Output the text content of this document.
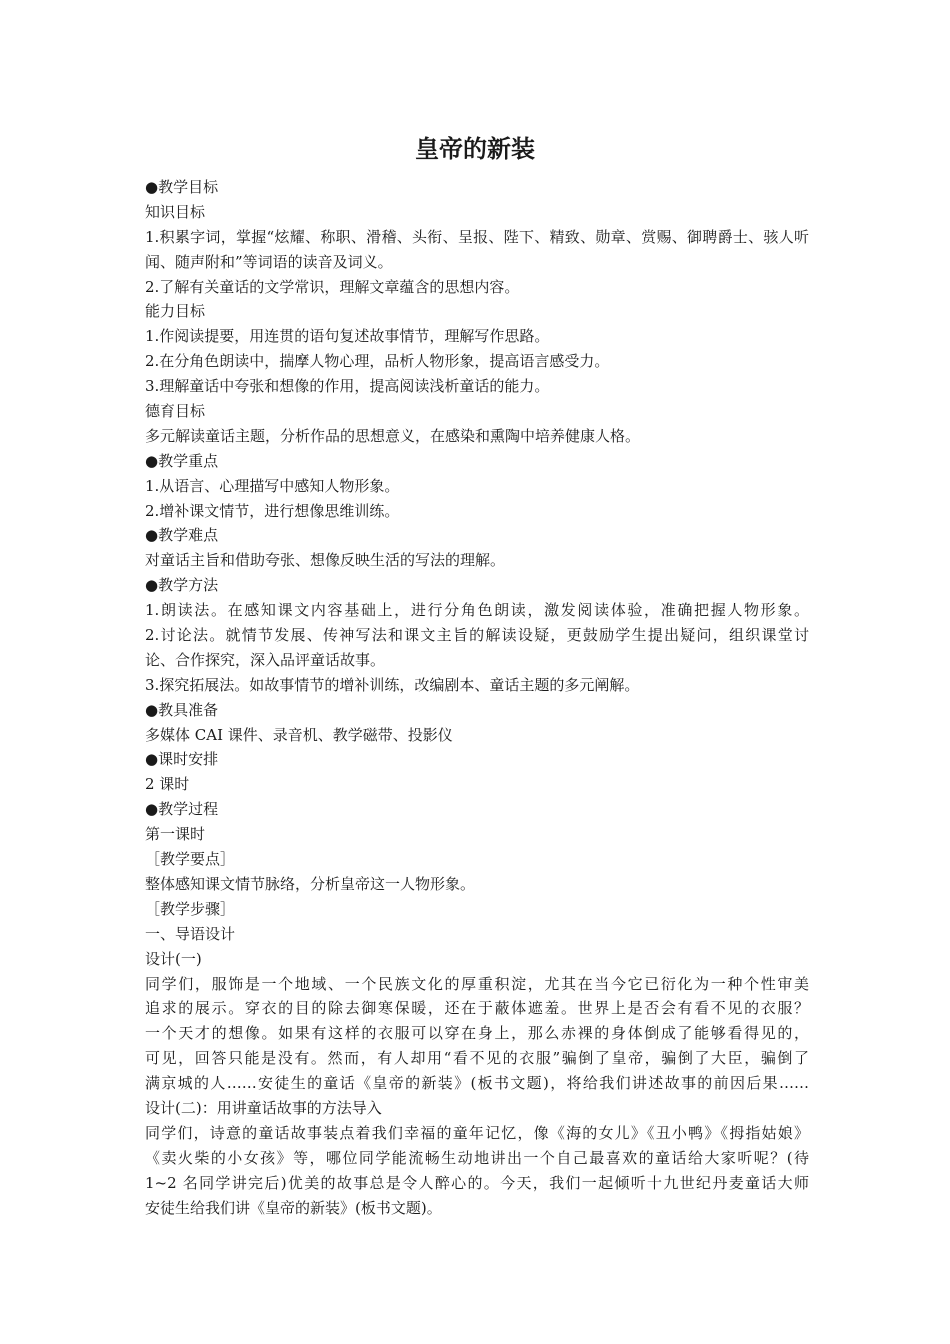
皇帝的新装
●教学目标
知识目标
1.积累字词，掌握“炫耀、称职、滑稽、头衔、呈报、陛下、精致、勋章、赏赐、御聘爵士、骇人听
闻、随声附和”等词语的读音及词义。
2.了解有关童话的文学常识，理解文章蕴含的思想内容。
能力目标
1.作阅读提要，用连贯的语句复述故事情节，理解写作思路。
2.在分角色朗读中，揣摩人物心理，品析人物形象，提高语言感受力。
3.理解童话中夸张和想像的作用，提高阅读浅析童话的能力。
德育目标
多元解读童话主题，分析作品的思想意义，在感染和熏陶中培养健康人格。
●教学重点
1.从语言、心理描写中感知人物形象。
2.增补课文情节，进行想像思维训练。
●教学难点
对童话主旨和借助夸张、想像反映生活的写法的理解。
●教学方法
1.朗读法。在感知课文内容基础上，进行分角色朗读，激发阅读体验，准确把握人物形象。
2.讨论法。就情节发展、传神写法和课文主旨的解读设疑，更鼓励学生提出疑问，组织课堂讨
论、合作探究，深入品评童话故事。
3.探究拓展法。如故事情节的增补训练，改编剧本、童话主题的多元阐解。
●教具准备
多媒体 CAI 课件、录音机、教学磁带、投影仪
●课时安排
2 课时
●教学过程
第一课时
［教学要点］
整体感知课文情节脉络，分析皇帝这一人物形象。
［教学步骤］
一、导语设计
设计(一)
同学们，服饰是一个地域、一个民族文化的厚重积淀，尤其在当今它已衍化为一种个性审美
追求的展示。穿衣的目的除去御寒保暖，还在于蔽体遮羞。世界上是否会有看不见的衣服？
一个天才的想像。如果有这样的衣服可以穿在身上，那么赤裸的身体倒成了能够看得见的，
可见，回答只能是没有。然而，有人却用“看不见的衣服”骗倒了皇帝，骗倒了大臣，骗倒了
满京城的人……安徒生的童话《皇帝的新装》(板书文题)，将给我们讲述故事的前因后果……
设计(二)：用讲童话故事的方法导入
同学们，诗意的童话故事装点着我们幸福的童年记忆，像《海的女儿》《丑小鸭》《拇指姑娘》
《卖火柴的小女孩》等，哪位同学能流畅生动地讲出一个自己最喜欢的童话给大家听呢？(待
1~2 名同学讲完后)优美的故事总是令人醉心的。今天，我们一起倾听十九世纪丹麦童话大师
安徒生给我们讲《皇帝的新装》(板书文题)。
